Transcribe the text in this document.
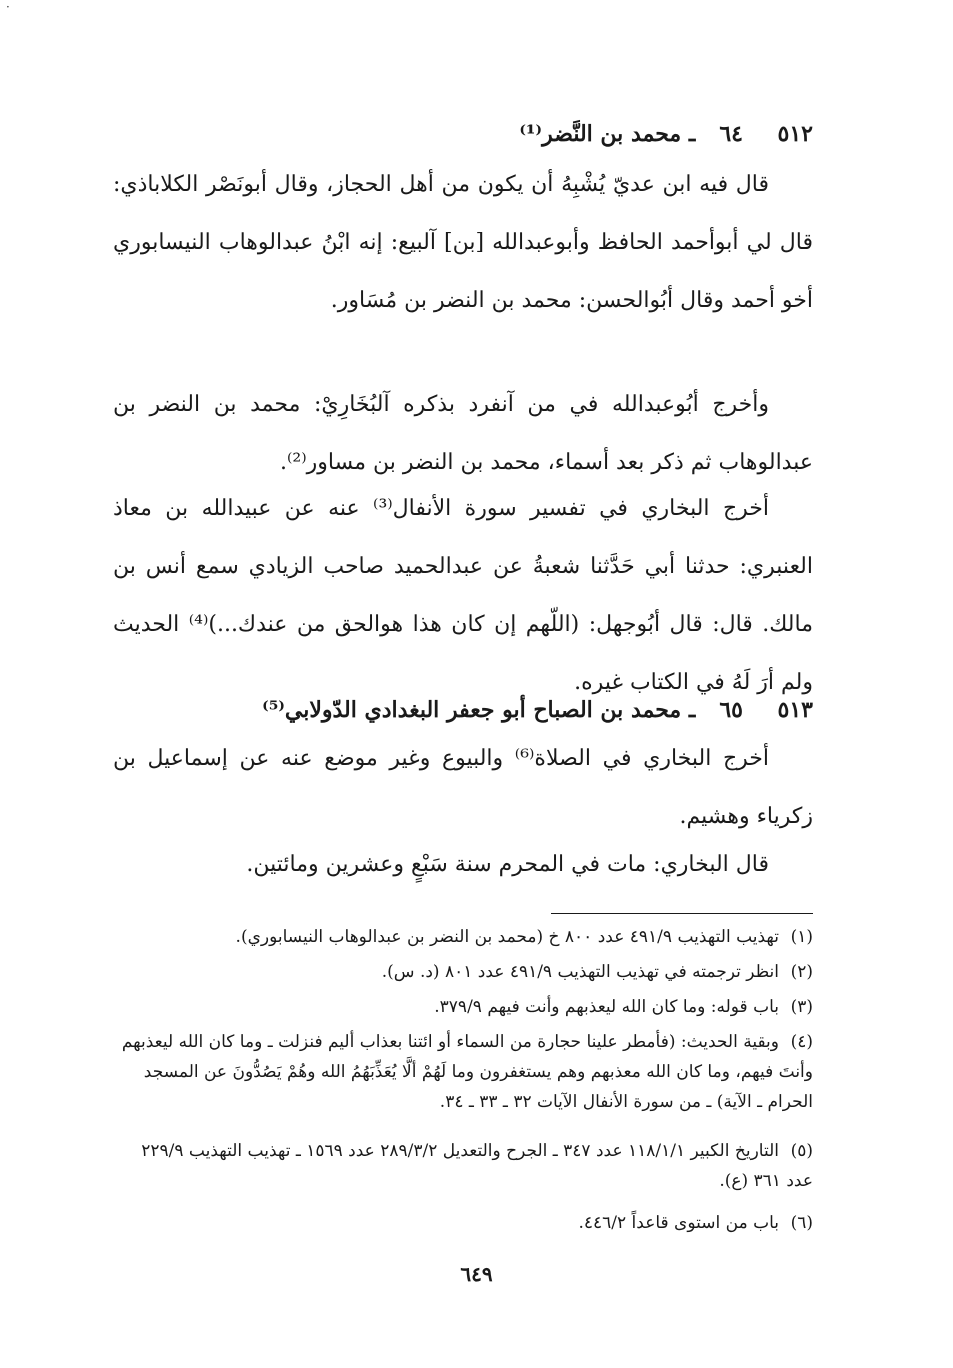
·
٥١٢٦٤ ـ محمد بن النَّضر⁽¹⁾
قال فيه ابن عديّ يُشْبِهُ أن يكون من أهل الحجاز، وقال أبونَصْر الكلاباذي: قال لي أبوأحمد الحافظ وأبوعبدالله [بن] آلبيع: إنه ابْنُ عبدالوهاب النيسابوري أخو أحمد وقال أبُوالحسن: محمد بن النضر بن مُسَاور.
وأخرج أبُوعبدالله في من آنفرد بذكره آلبُخَارِيْ: محمد بن النضر بن عبدالوهاب ثم ذكر بعد أسماء، محمد بن النضر بن مساور⁽²⁾.
أخرج البخاري في تفسير سورة الأنفال⁽³⁾ عنه عن عبيدالله بن معاذ العنبري: حدثنا أبي حَدَّثنا شعبةُ عن عبدالحميد صاحب الزيادي سمع أنس بن مالك. قال: قال أبُوجهل: (اللّهم إن كان هذا هوالحق من عندك...)⁽⁴⁾ الحديث ولم أرَ لَهُ في الكتاب غيره.
٥١٣٦٥ ـ محمد بن الصباح أبو جعفر البغدادي الدّولابي⁽⁵⁾
أخرج البخاري في الصلاة⁽⁶⁾ والبيوع وغير موضع عنه عن إسماعيل بن زكرياء وهشيم.
قال البخاري: مات في المحرم سنة سَبْعٍ وعشرين ومائتين.
(١)تهذيب التهذيب ٤٩١/٩ عدد ٨٠٠ خ (محمد بن النضر بن عبدالوهاب النيسابوري).
(٢)انظر ترجمته في تهذيب التهذيب ٤٩١/٩ عدد ٨٠١ (د. س).
(٣)باب قوله: وما كان الله ليعذبهم وأنت فيهم ٣٧٩/٩.
(٤)وبقية الحديث: (فأمطر علينا حجارة من السماء أو ائتنا بعذاب أليم فنزلت ـ وما كان الله ليعذبهم وأنتَ فيهم، وما كان الله معذبهم وهم يستغفرون وما لَهُمْ ألَّا يُعَذِّبَهُمُ الله وهُمْ يَصُدُّونَ عن المسجد الحرام ـ الآية) ـ من سورة الأنفال الآيات ٣٢ ـ ٣٣ ـ ٣٤.
(٥)التاريخ الكبير ١١٨/١/١ عدد ٣٤٧ ـ الجرح والتعديل ٢٨٩/٣/٢ عدد ١٥٦٩ ـ تهذيب التهذيب ٢٢٩/٩ عدد ٣٦١ (ع).
(٦)باب من استوى قاعداً ٤٤٦/٢.
٦٤٩
